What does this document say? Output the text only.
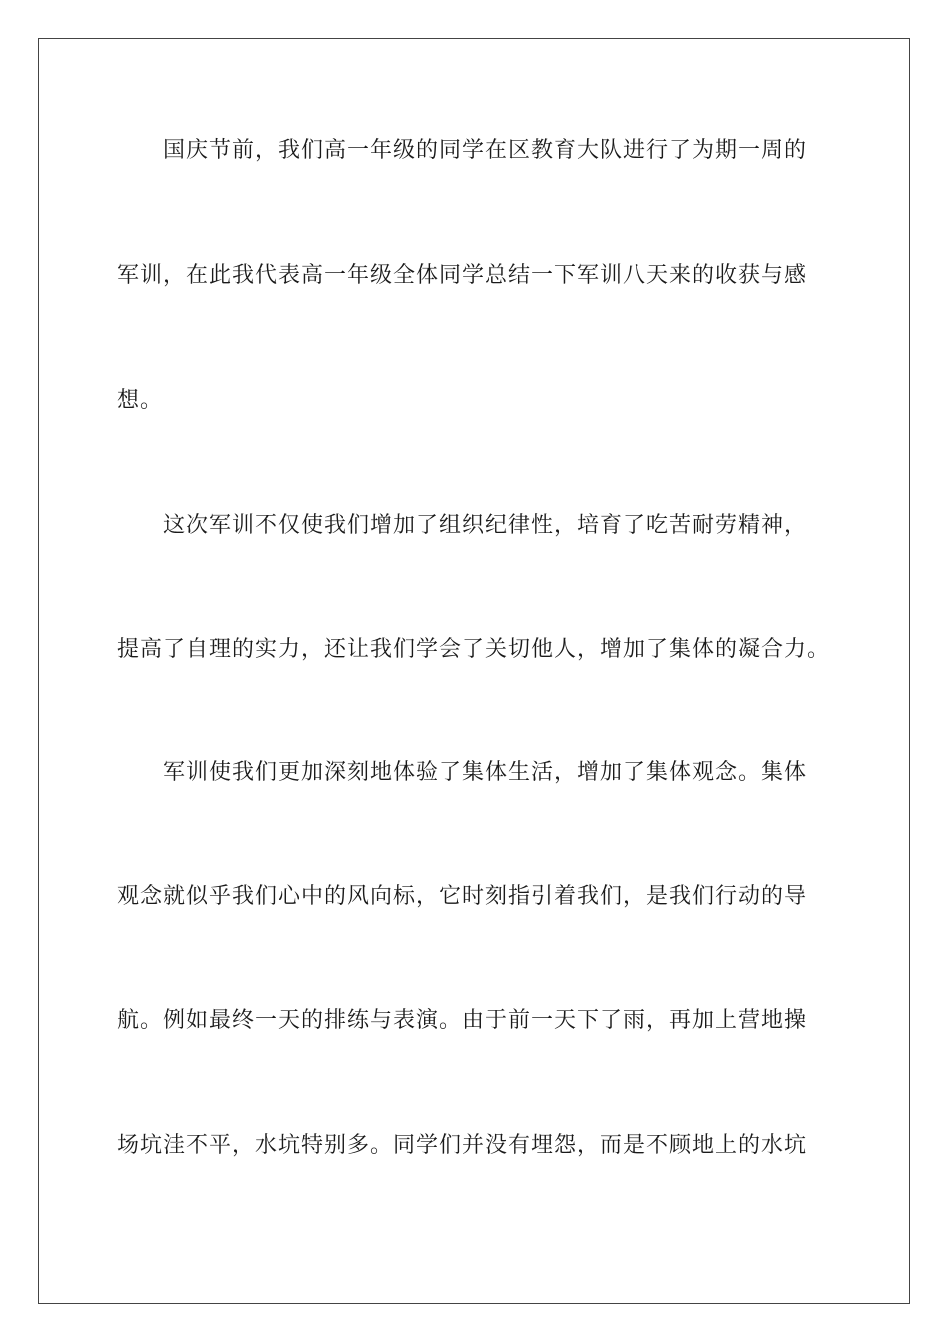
　　国庆节前，我们高一年级的同学在区教育大队进行了为期一周的
军训，在此我代表高一年级全体同学总结一下军训八天来的收获与感
想。
　　这次军训不仅使我们增加了组织纪律性，培育了吃苦耐劳精神，
提高了自理的实力，还让我们学会了关切他人，增加了集体的凝合力。
　　军训使我们更加深刻地体验了集体生活，增加了集体观念。集体
观念就似乎我们心中的风向标，它时刻指引着我们，是我们行动的导
航。例如最终一天的排练与表演。由于前一天下了雨，再加上营地操
场坑洼不平，水坑特别多。同学们并没有埋怨，而是不顾地上的水坑
